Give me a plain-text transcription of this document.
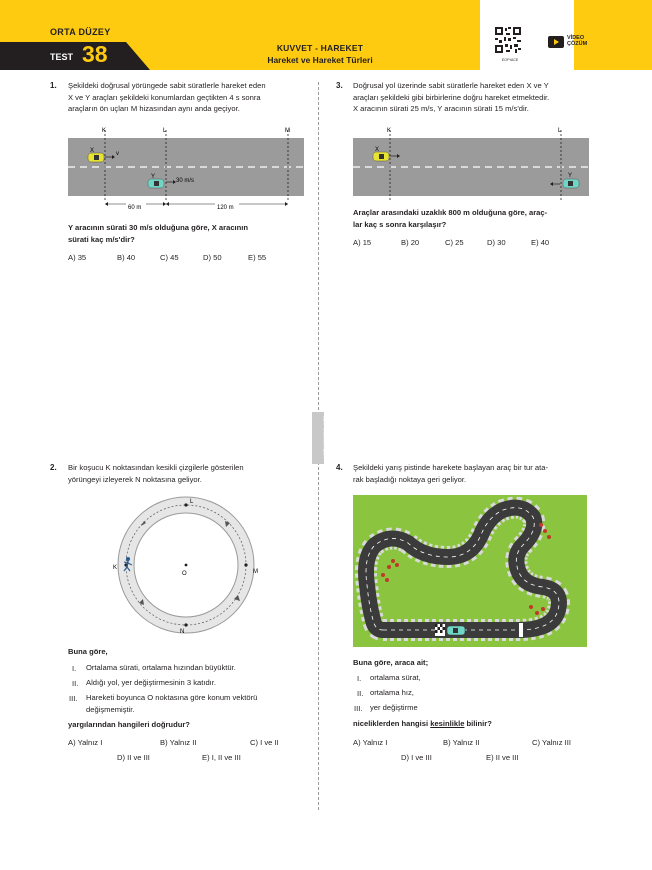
ORTA DÜZEY
TEST 38	KUVVET - HAREKET
Hareket ve Hareket Türleri	EOFYACE
VİDEO
ÇÖZÜM
HIZ YAYINLARI
1. Şekildeki doğrusal yörüngede sabit süratlerle hareket eden
X ve Y araçları şekildeki konumlardan geçtikten 4 s sonra
araçların ön uçları M hizasından aynı anda geçiyor.
K	L	M
X	v
Y
30 m/s
60 m	120 m
Y aracının sürati 30 m/s olduğuna göre, X aracının
sürati kaç m/s'dir?
A) 35	B) 40	C) 45	D) 50	E) 55
3. Doğrusal yol üzerinde sabit süratlerle hareket eden X ve Y
araçları şekildeki gibi birbirlerine doğru hareket etmektedir.
X aracının sürati 25 m/s, Y aracının sürati 15 m/s'dir.
K	L
X
Y
Araçlar arasındaki uzaklık 800 m olduğuna göre, araç-
lar kaç s sonra karşılaşır?
A) 15	B) 20	C) 25	D) 30	E) 40
2. Bir koşucu K noktasından kesikli çizgilerle gösterilen
yörüngeyi izleyerek N noktasına geliyor.
L
M
N
K
O
Buna göre,
I. Ortalama sürati, ortalama hızından büyüktür.
II. Aldığı yol, yer değiştirmesinin 3 katıdır.
III. Hareketi boyunca O noktasına göre konum vektörü
değişmemiştir.
yargılarından hangileri doğrudur?
A) Yalnız I	B) Yalnız II	C) I ve II
D) II ve III	E) I, II ve III
4. Şekildeki yarış pistinde harekete başlayan araç bir tur ata-
rak başladığı noktaya geri geliyor.
Buna göre, araca ait;
I. ortalama sürat,
II. ortalama hız,
III. yer değiştirme
niceliklerden hangisi kesinlikle bilinir?
A) Yalnız I	B) Yalnız II	C) Yalnız III
D) I ve III	E) II ve III
